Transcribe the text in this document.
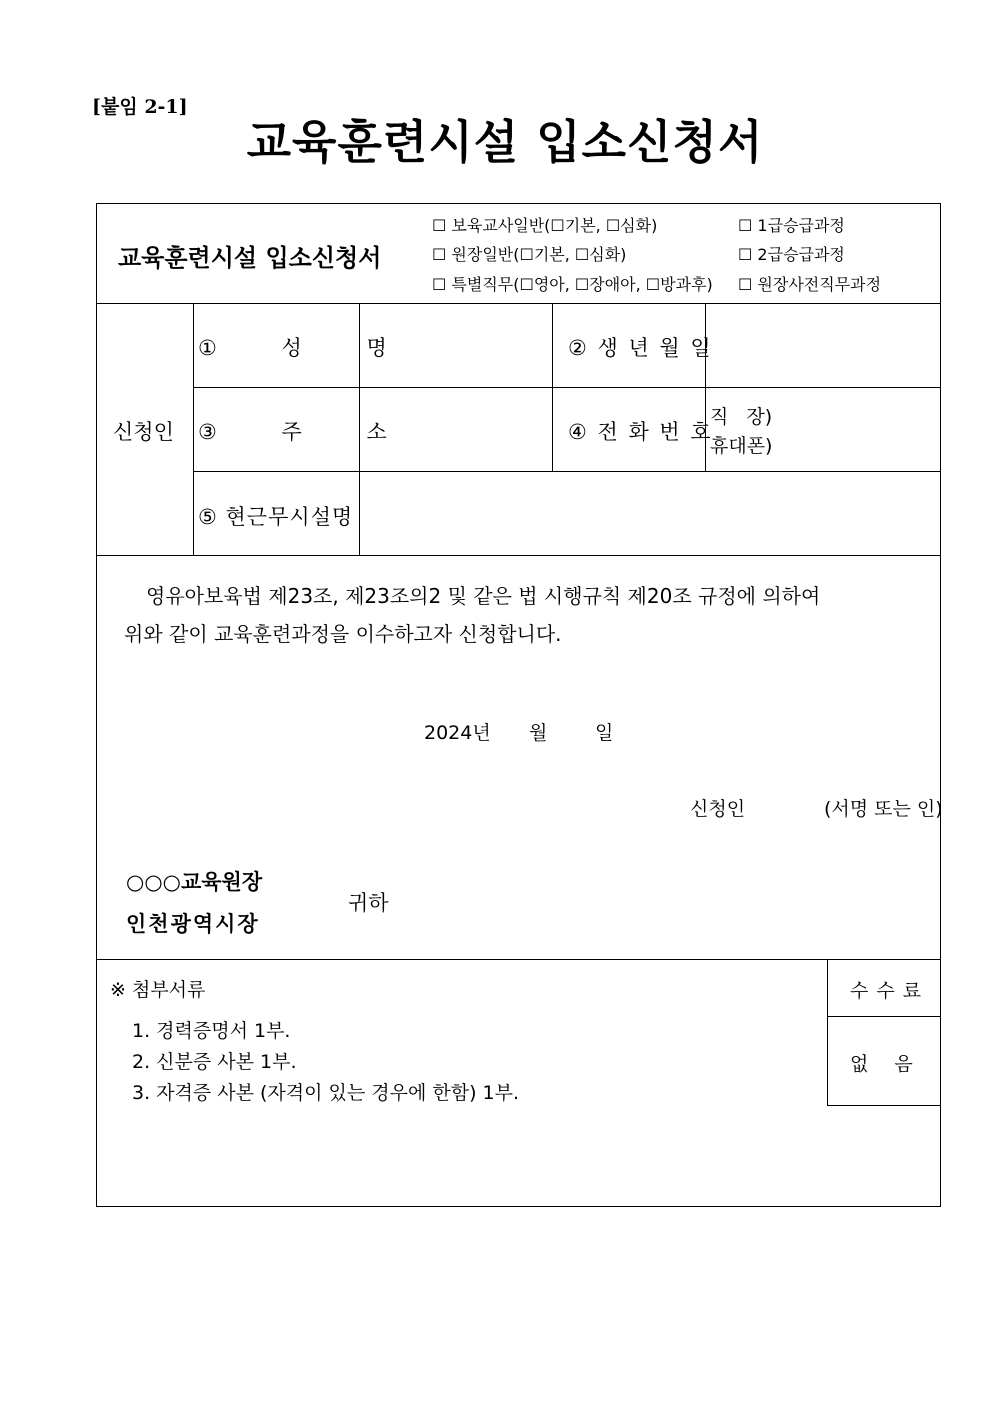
[붙임 2-1]
교육훈련시설 입소신청서
교육훈련시설 입소신청서
☐ 보육교사일반(☐기본, ☐심화)
☐ 원장일반(☐기본, ☐심화)
☐ 특별직무(☐영아, ☐장애아, ☐방과후)
☐ 1급승급과정
☐ 2급승급과정
☐ 원장사전직무과정
신청인
① 성 명	② 생 년 월 일
③ 주 소	④ 전 화 번 호
직 장)
휴대폰)
⑤ 현근무시설명
영유아보육법 제23조, 제23조의2 및 같은 법 시행규칙 제20조 규정에 의하여
위와 같이 교육훈련과정을 이수하고자 신청합니다.
2024년 월	일
신청인	(서명 또는 인)
○○○교육원장
인천광역시장
귀하
※ 첨부서류
1. 경력증명서 1부.
2. 신분증 사본 1부.
3. 자격증 사본 (자격이 있는 경우에 한함) 1부.
수 수 료
없 음
